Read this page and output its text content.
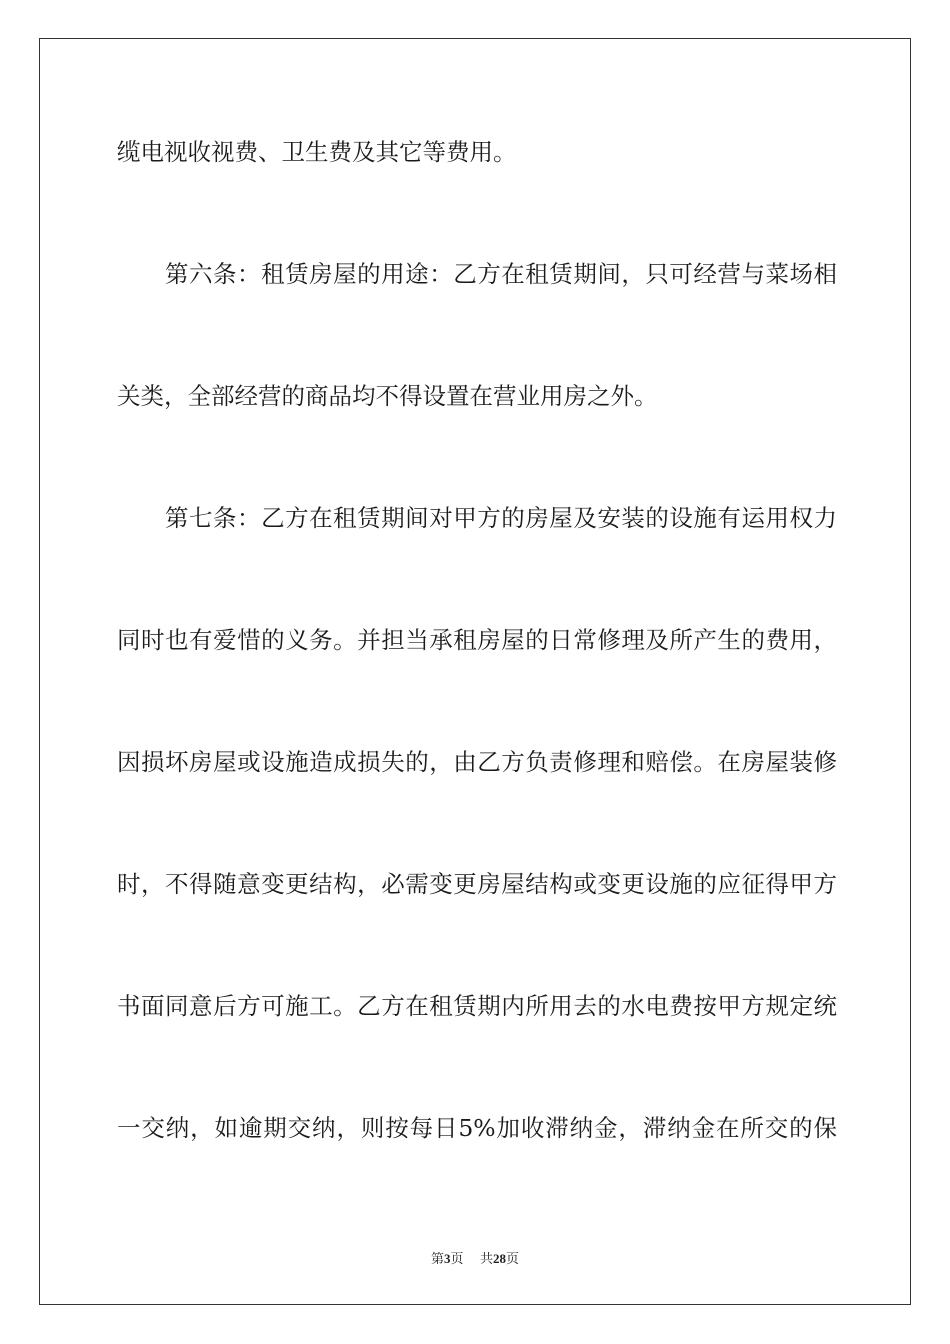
缆电视收视费、卫生费及其它等费用。
第六条：租赁房屋的用途：乙方在租赁期间，只可经营与菜场相
关类，全部经营的商品均不得设置在营业用房之外。
第七条：乙方在租赁期间对甲方的房屋及安装的设施有运用权力
同时也有爱惜的义务。并担当承租房屋的日常修理及所产生的费用，
因损坏房屋或设施造成损失的，由乙方负责修理和赔偿。在房屋装修
时，不得随意变更结构，必需变更房屋结构或变更设施的应征得甲方
书面同意后方可施工。乙方在租赁期内所用去的水电费按甲方规定统
一交纳，如逾期交纳，则按每日5%加收滞纳金，滞纳金在所交的保
第3页 共28页
